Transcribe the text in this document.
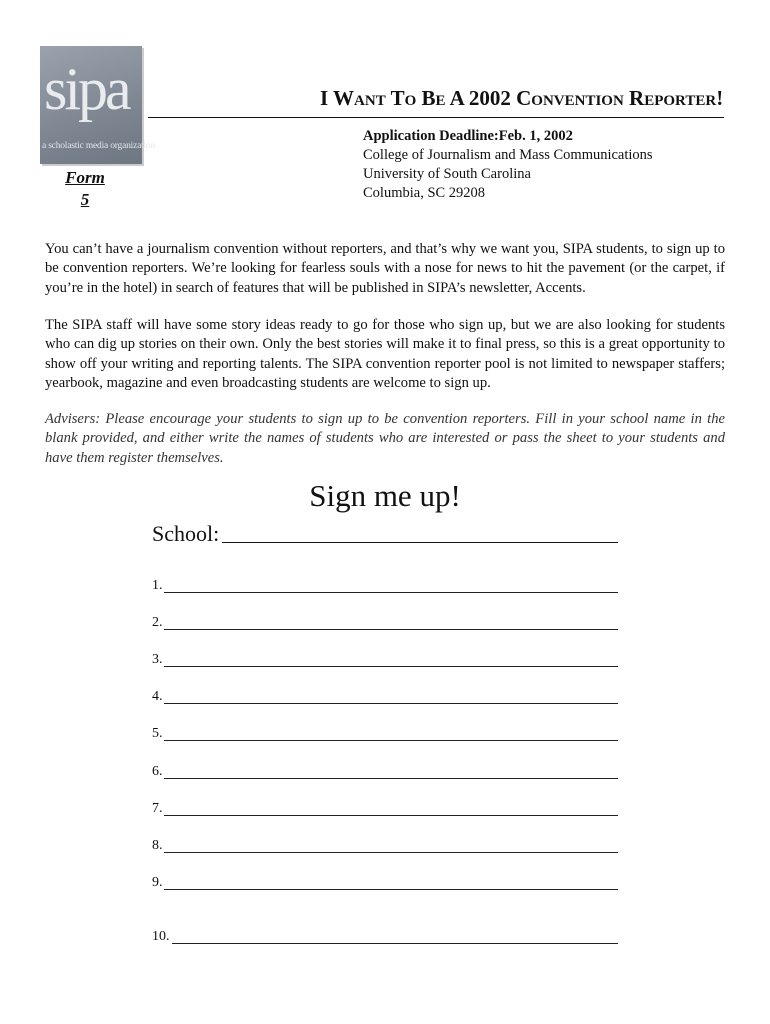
sipa
a scholastic media organization
Form
5
I Want To Be A 2002 Convention Reporter!
Application Deadline:Feb. 1, 2002
College of Journalism and Mass Communications
University of South Carolina
Columbia, SC 29208
You can’t have a journalism convention without reporters, and that’s why we want you, SIPA students, to sign up to be convention reporters. We’re looking for fearless souls with a nose for news to hit the pavement (or the carpet, if you’re in the hotel) in search of features that will be published in SIPA’s newsletter, Accents.
The SIPA staff will have some story ideas ready to go for those who sign up, but we are also looking for students who can dig up stories on their own. Only the best stories will make it to final press, so this is a great opportunity to show off your writing and reporting talents. The SIPA convention reporter pool is not limited to newspaper staffers; yearbook, magazine and even broadcasting students are welcome to sign up.
Advisers: Please encourage your students to sign up to be convention reporters. Fill in your school name in the blank provided, and either write the names of students who are interested or pass the sheet to your students and have them register themselves.
Sign me up!
School:
1.
2.
3.
4.
5.
6.
7.
8.
9.
10.
